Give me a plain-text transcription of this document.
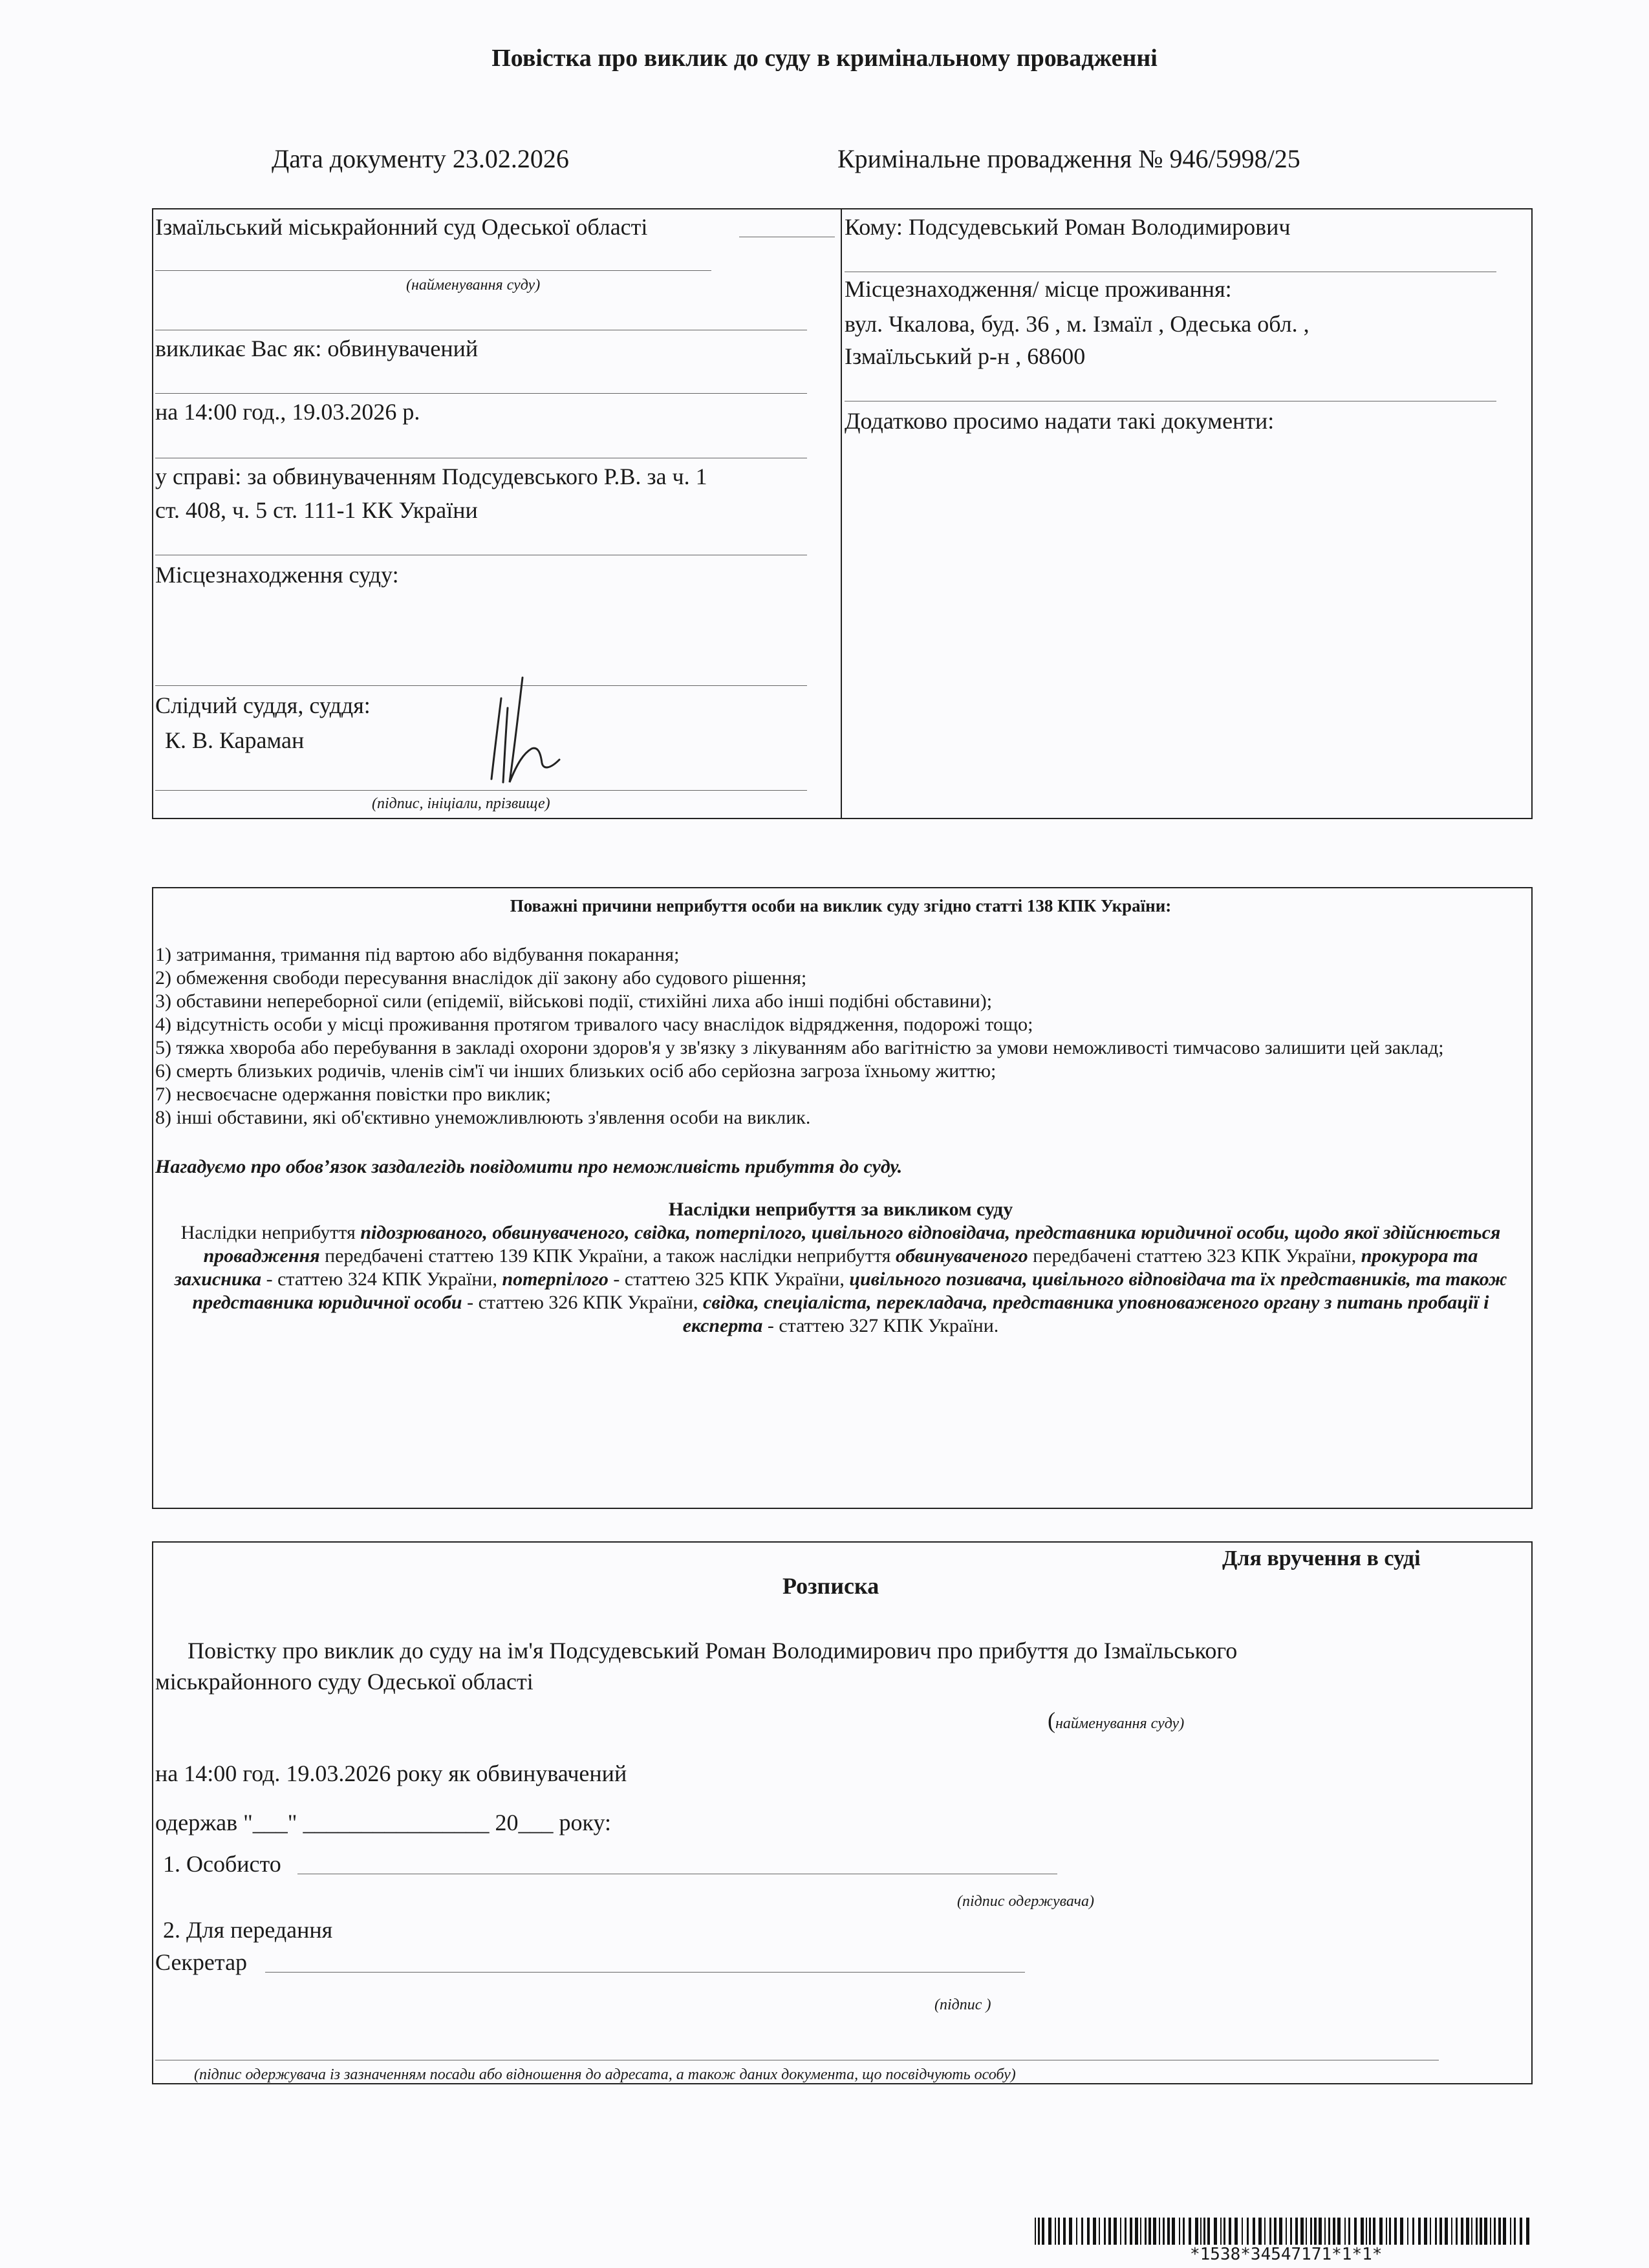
Повістка про виклик до суду в кримінальному провадженні
Дата документу 23.02.2026	Кримінальне провадження № 946/5998/25
Ізмаїльський міськрайонний суд Одеської області
(найменування суду)
викликає Вас як: обвинувачений
на 14:00 год., 19.03.2026 р.
у справі: за обвинуваченням Подсудевського Р.В. за ч. 1
ст. 408, ч. 5 ст. 111-1 КК України
Місцезнаходження суду:
Слідчий суддя, суддя:
К. В. Караман
(підпис, ініціали, прізвище)
Кому: Подсудевський Роман Володимирович
Місцезнаходження/ місце проживання:
вул. Чкалова, буд. 36 , м. Ізмаїл , Одеська обл. ,
Ізмаїльський р-н , 68600
Додатково просимо надати такі документи:
Поважні причини неприбуття особи на виклик суду згідно статті 138 КПК України:
1) затримання, тримання під вартою або відбування покарання;
2) обмеження свободи пересування внаслідок дії закону або судового рішення;
3) обставини непереборної сили (епідемії, військові події, стихійні лиха або інші подібні обставини);
4) відсутність особи у місці проживання протягом тривалого часу внаслідок відрядження, подорожі тощо;
5) тяжка хвороба або перебування в закладі охорони здоров'я у зв'язку з лікуванням або вагітністю за умови неможливості тимчасово залишити цей заклад;
6) смерть близьких родичів, членів сім'ї чи інших близьких осіб або серйозна загроза їхньому життю;
7) несвоєчасне одержання повістки про виклик;
8) інші обставини, які об'єктивно унеможливлюють з'явлення особи на виклик.
Нагадуємо про обов’язок заздалегідь повідомити про неможливість прибуття до суду.
Наслідки неприбуття за викликом суду
Наслідки неприбуття підозрюваного, обвинуваченого, свідка, потерпілого, цивільного відповідача, представника юридичної особи, щодо якої здійснюється провадження передбачені статтею 139 КПК України, а також наслідки неприбуття обвинуваченого передбачені статтею 323 КПК України, прокурора та захисника - статтею 324 КПК України, потерпілого - статтею 325 КПК України, цивільного позивача, цивільного відповідача та їх представників, та також представника юридичної особи - статтею 326 КПК України, свідка, спеціаліста, перекладача, представника уповноваженого органу з питань пробації і експерта - статтею 327 КПК України.
Для вручення в суді
Розписка
Повістку про виклик до суду на ім'я Подсудевський Роман Володимирович про прибуття до Ізмаїльського
міськрайонного суду Одеської області
(найменування суду)
на 14:00 год. 19.03.2026 року як обвинувачений
одержав "___" ________________ 20___ року:
1. Особисто
(підпис одержувача)
2. Для передання
Секретар
(підпис )
(підпис одержувача із зазначенням посади або відношення до адресата, а також даних документа, що посвідчують особу)
*1538*34547171*1*1*
